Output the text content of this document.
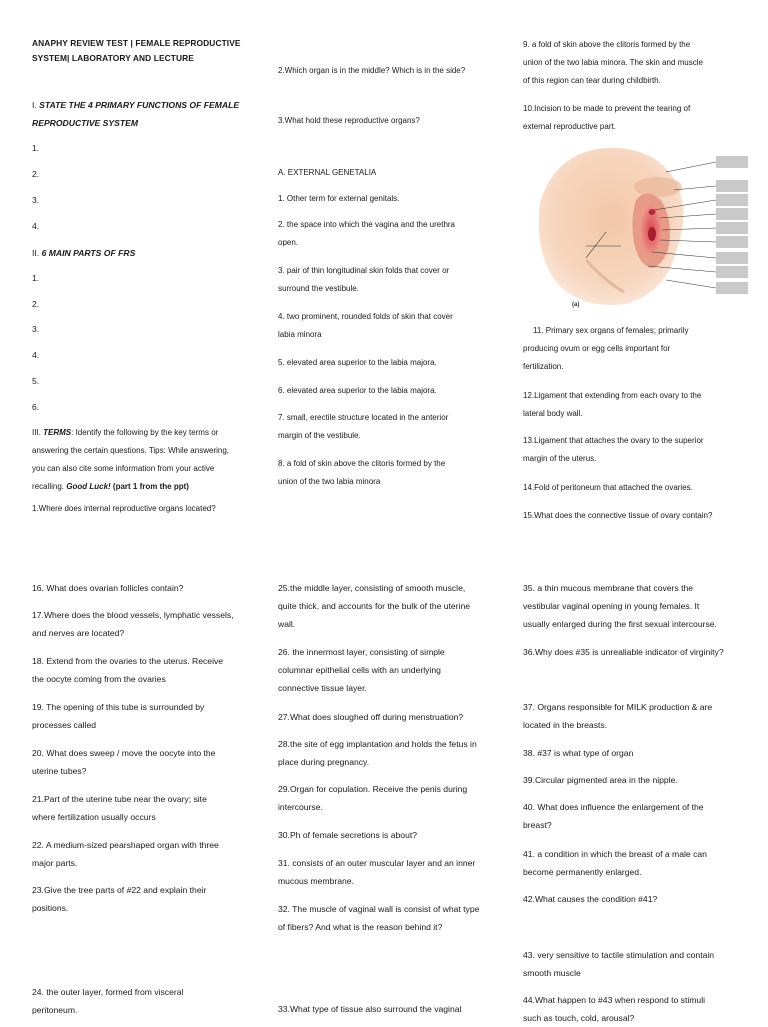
ANAPHY REVIEW TEST | FEMALE REPRODUCTIVE
SYSTEM| LABORATORY AND LECTURE
I. STATE THE 4 PRIMARY FUNCTIONS OF FEMALE
REPRODUCTIVE SYSTEM
1.
2.
3.
4.
II. 6 MAIN PARTS OF FRS
1.
2.
3.
4.
5.
6.
III. TERMS: Identify the following by the key terms or
answering the certain questions. Tips: While answering,
you can also cite some information from your active
recalling. Good Luck! (part 1 from the ppt)
1.Where does internal reproductive organs located?
16. What does ovarian follicles contain?
17.Where does the blood vessels, lymphatic vessels,
and nerves are located?
18. Extend from the ovaries to the uterus. Receive
the oocyte coming from the ovaries
19. The opening of this tube is surrounded by
processes called
20. What does sweep / move the oocyte into the
uterine tubes?
21.Part of the uterine tube near the ovary; site
where fertilization usually occurs
22. A medium-sized pearshaped organ with three
major parts.
23.Give the tree parts of #22 and explain their
positions.
24. the outer layer, formed from visceral
peritoneum.
2.Which organ is in the middle? Which is in the side?
3.What hold these reproductive organs?
A. EXTERNAL GENETALIA
1. Other term for external genitals.
2. the space into which the vagina and the urethra
open.
3. pair of thin longitudinal skin folds that cover or
surround the vestibule.
4. two prominent, rounded folds of skin that cover
labia minora
5. elevated area superior to the labia majora.
6. elevated area superior to the labia majora.
7. small, erectile structure located in the anterior
margin of the vestibule.
8. a fold of skin above the clitoris formed by the
union of the two labia minora
25.the middle layer, consisting of smooth muscle,
quite thick, and accounts for the bulk of the uterine
wall.
26. the innermost layer, consisting of simple
columnar epithelial cells with an underlying
connective tissue layer.
27.What does sloughed off during menstruation?
28.the site of egg implantation and holds the fetus in
place during pregnancy.
29.Organ for copulation. Receive the penis during
intercourse.
30.Ph of female secretions is about?
31. consists of an outer muscular layer and an inner
mucous membrane.
32. The muscle of vaginal wall is consist of what type
of fibers? And what is the reason behind it?
33.What type of tissue also surround the vaginal
9. a fold of skin above the clitoris formed by the
union of the two labia minora. The skin and muscle
of this region can tear during childbirth.
10.Incision to be made to prevent the tearing of
external reproductive part.
11. Primary sex organs of females; primarily
producing ovum or egg cells important for
fertilization.
12.Ligament that extending from each ovary to the
lateral body wall.
13.Ligament that attaches the ovary to the superior
margin of the uterus.
14.Fold of peritoneum that attached the ovaries.
15.What does the connective tissue of ovary contain?
35. a thin mucous membrane that covers the
vestibular vaginal opening in young females. It
usually enlarged during the first sexual intercourse.
36.Why does #35 is unrealiable indicator of virginity?
37. Organs responsible for MILK production & are
located in the breasts.
38. #37 is what type of organ
39.Circular pigmented area in the nipple.
40. What does influence the enlargement of the
breast?
41. a condition in which the breast of a male can
become permanently enlarged.
42.What causes the condition #41?
43. very sensitive to tactile stimulation and contain
smooth muscle
44.What happen to #43 when respond to stimuli
such as touch, cold, arousal?
(a)
